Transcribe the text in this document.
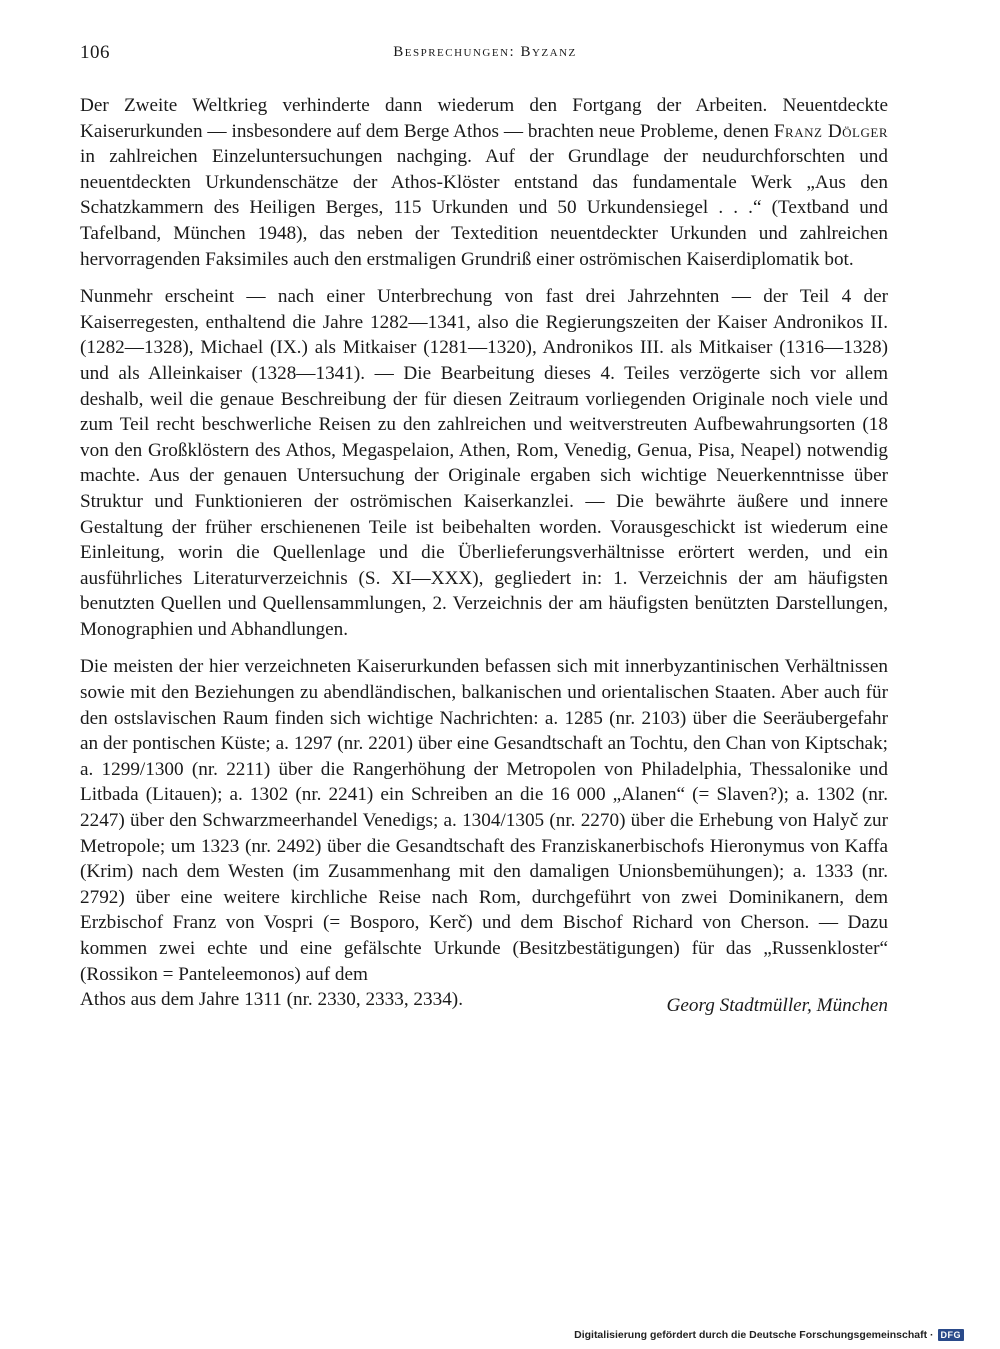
106	Besprechungen: Byzanz

Der Zweite Weltkrieg verhinderte dann wiederum den Fortgang der Arbeiten. Neuentdeckte Kaiserurkunden — insbesondere auf dem Berge Athos — brachten neue Probleme, denen Franz Dölger in zahlreichen Einzeluntersuchungen nachging. Auf der Grundlage der neudurchforschten und neuentdeckten Urkundenschätze der Athos-Klöster entstand das fundamentale Werk „Aus den Schatzkammern des Heiligen Berges, 115 Urkunden und 50 Urkundensiegel . . .“ (Textband und Tafelband, München 1948), das neben der Textedition neuentdeckter Urkunden und zahlreichen hervorragenden Faksimiles auch den erstmaligen Grundriß einer oströmischen Kaiserdiplomatik bot.

Nunmehr erscheint — nach einer Unterbrechung von fast drei Jahrzehnten — der Teil 4 der Kaiserregesten, enthaltend die Jahre 1282—1341, also die Regierungszeiten der Kaiser Andronikos II. (1282—1328), Michael (IX.) als Mitkaiser (1281—1320), Andronikos III. als Mitkaiser (1316—1328) und als Alleinkaiser (1328—1341). — Die Bearbeitung dieses 4. Teiles verzögerte sich vor allem deshalb, weil die genaue Beschreibung der für diesen Zeitraum vorliegenden Originale noch viele und zum Teil recht beschwerliche Reisen zu den zahlreichen und weitverstreuten Aufbewahrungsorten (18 von den Großklöstern des Athos, Megaspelaion, Athen, Rom, Venedig, Genua, Pisa, Neapel) notwendig machte. Aus der genauen Untersuchung der Originale ergaben sich wichtige Neuerkenntnisse über Struktur und Funktionieren der oströmischen Kaiserkanzlei. — Die bewährte äußere und innere Gestaltung der früher erschienenen Teile ist beibehalten worden. Vorausgeschickt ist wiederum eine Einleitung, worin die Quellenlage und die Überlieferungsverhältnisse erörtert werden, und ein ausführliches Literaturverzeichnis (S. XI—XXX), gegliedert in: 1. Verzeichnis der am häufigsten benutzten Quellen und Quellensammlungen, 2. Verzeichnis der am häufigsten benützten Darstellungen, Monographien und Abhandlungen.

Die meisten der hier verzeichneten Kaiserurkunden befassen sich mit innerbyzantinischen Verhältnissen sowie mit den Beziehungen zu abendländischen, balkanischen und orientalischen Staaten. Aber auch für den ostslavischen Raum finden sich wichtige Nachrichten: a. 1285 (nr. 2103) über die Seeräubergefahr an der pontischen Küste; a. 1297 (nr. 2201) über eine Gesandtschaft an Tochtu, den Chan von Kiptschak; a. 1299/1300 (nr. 2211) über die Rangerhöhung der Metropolen von Philadelphia, Thessalonike und Litbada (Litauen); a. 1302 (nr. 2241) ein Schreiben an die 16 000 „Alanen“ (= Slaven?); a. 1302 (nr. 2247) über den Schwarzmeerhandel Venedigs; a. 1304/1305 (nr. 2270) über die Erhebung von Halyč zur Metropole; um 1323 (nr. 2492) über die Gesandtschaft des Franziskanerbischofs Hieronymus von Kaffa (Krim) nach dem Westen (im Zusammenhang mit den damaligen Unionsbemühungen); a. 1333 (nr. 2792) über eine weitere kirchliche Reise nach Rom, durchgeführt von zwei Dominikanern, dem Erzbischof Franz von Vospri (= Bosporo, Kerč) und dem Bischof Richard von Cherson. — Dazu kommen zwei echte und eine gefälschte Urkunde (Besitzbestätigungen) für das „Russenkloster“ (Rossikon = Panteleemonos) auf dem

Athos aus dem Jahre 1311 (nr. 2330, 2333, 2334).	Georg Stadtmüller, München
Digitalisierung gefördert durch die Deutsche Forschungsgemeinschaft · DFG
